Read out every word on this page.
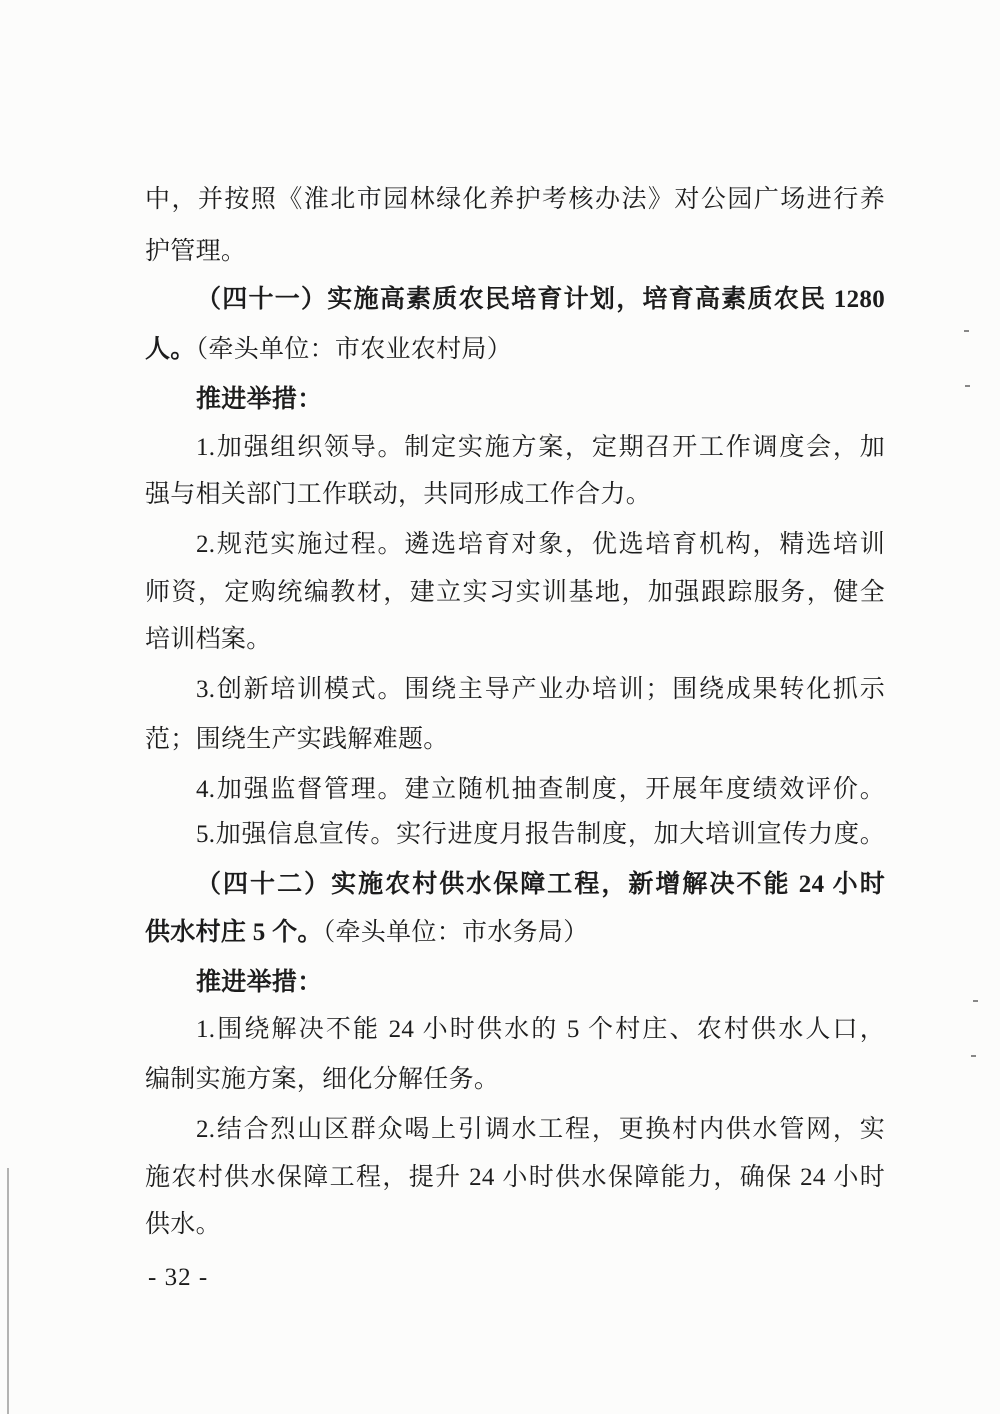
中，并按照《淮北市园林绿化养护考核办法》对公园广场进行养
护管理。
（四十一）实施高素质农民培育计划，培育高素质农民 1280
人。（牵头单位：市农业农村局）
推进举措：
1.加强组织领导。制定实施方案，定期召开工作调度会，加
强与相关部门工作联动，共同形成工作合力。
2.规范实施过程。遴选培育对象，优选培育机构，精选培训
师资，定购统编教材，建立实习实训基地，加强跟踪服务，健全
培训档案。
3.创新培训模式。围绕主导产业办培训；围绕成果转化抓示
范；围绕生产实践解难题。
4.加强监督管理。建立随机抽查制度，开展年度绩效评价。
5.加强信息宣传。实行进度月报告制度，加大培训宣传力度。
（四十二）实施农村供水保障工程，新增解决不能 24 小时
供水村庄 5 个。（牵头单位：市水务局）
推进举措：
1.围绕解决不能 24 小时供水的 5 个村庄、农村供水人口，
编制实施方案，细化分解任务。
2.结合烈山区群众喝上引调水工程，更换村内供水管网，实
施农村供水保障工程，提升 24 小时供水保障能力，确保 24 小时
供水。
- 32 -
